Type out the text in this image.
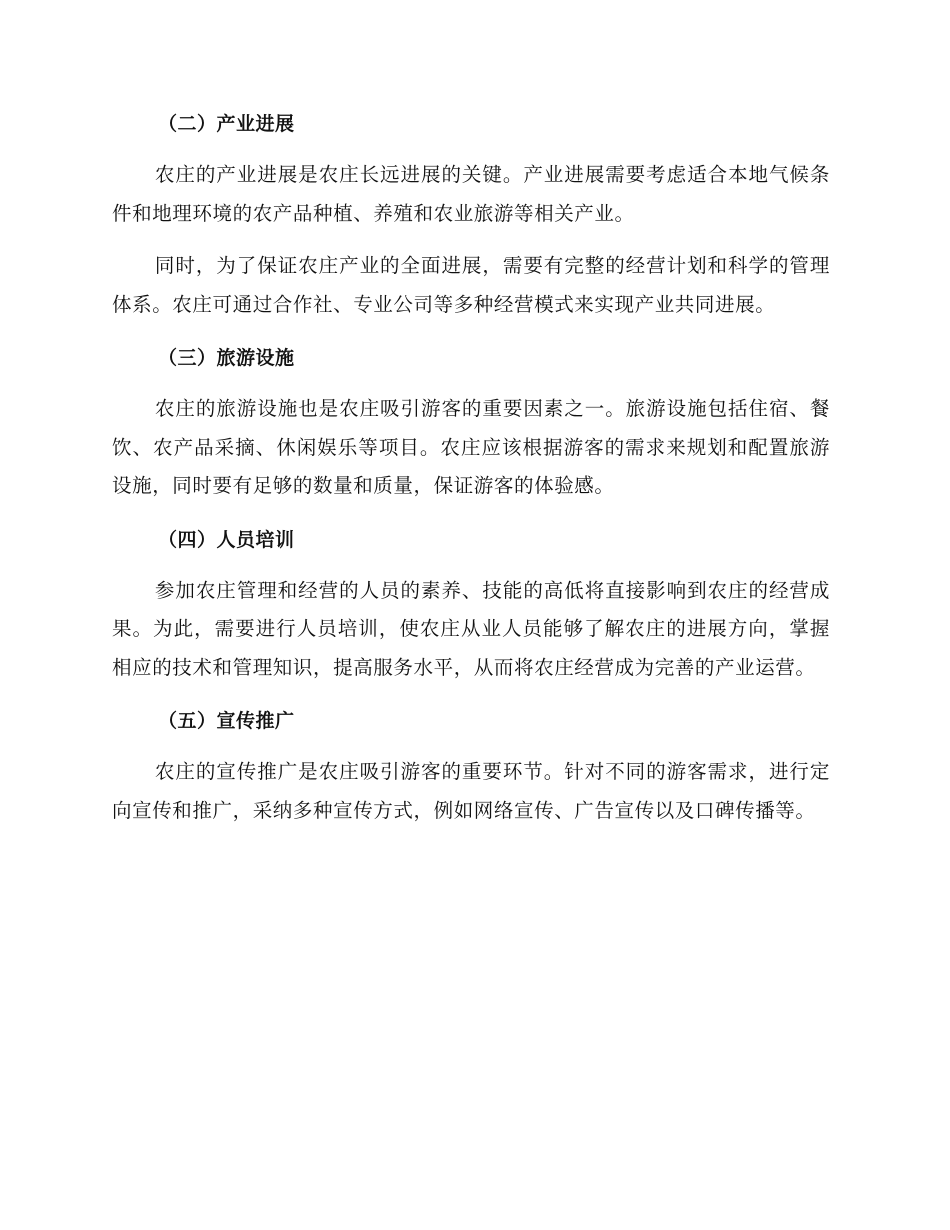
（二）产业进展

农庄的产业进展是农庄长远进展的关键。产业进展需要考虑适合本地气候条件和地理环境的农产品种植、养殖和农业旅游等相关产业。

同时，为了保证农庄产业的全面进展，需要有完整的经营计划和科学的管理体系。农庄可通过合作社、专业公司等多种经营模式来实现产业共同进展。

（三）旅游设施

农庄的旅游设施也是农庄吸引游客的重要因素之一。旅游设施包括住宿、餐饮、农产品采摘、休闲娱乐等项目。农庄应该根据游客的需求来规划和配置旅游设施，同时要有足够的数量和质量，保证游客的体验感。

（四）人员培训

参加农庄管理和经营的人员的素养、技能的高低将直接影响到农庄的经营成果。为此，需要进行人员培训，使农庄从业人员能够了解农庄的进展方向，掌握相应的技术和管理知识，提高服务水平，从而将农庄经营成为完善的产业运营。

（五）宣传推广

农庄的宣传推广是农庄吸引游客的重要环节。针对不同的游客需求，进行定向宣传和推广，采纳多种宣传方式，例如网络宣传、广告宣传以及口碑传播等。
